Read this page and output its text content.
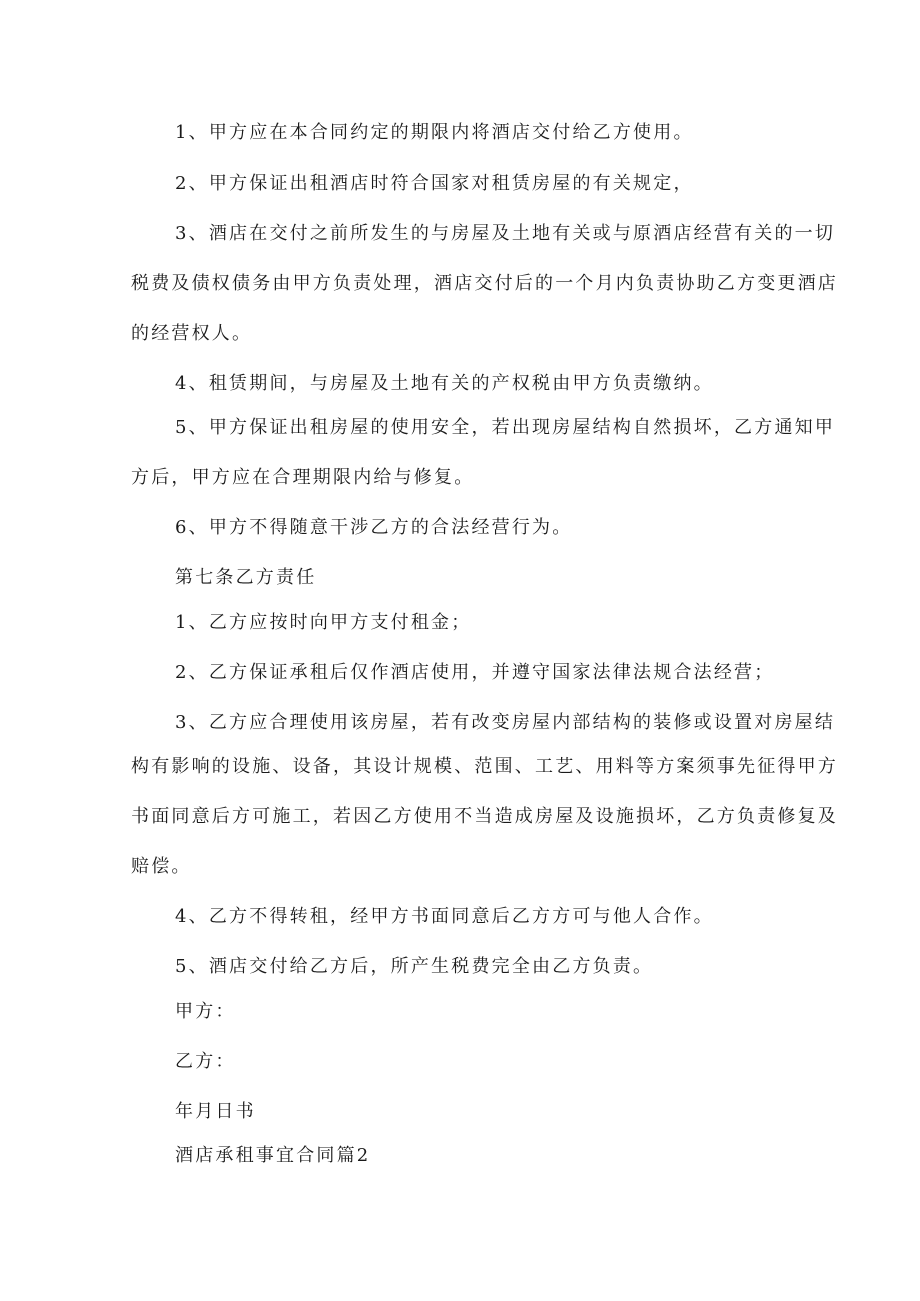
1、甲方应在本合同约定的期限内将酒店交付给乙方使用。
2、甲方保证出租酒店时符合国家对租赁房屋的有关规定，
3、酒店在交付之前所发生的与房屋及土地有关或与原酒店经营有关的一切
税费及债权债务由甲方负责处理，酒店交付后的一个月内负责协助乙方变更酒店
的经营权人。
4、租赁期间，与房屋及土地有关的产权税由甲方负责缴纳。
5、甲方保证出租房屋的使用安全，若出现房屋结构自然损坏，乙方通知甲
方后，甲方应在合理期限内给与修复。
6、甲方不得随意干涉乙方的合法经营行为。
第七条乙方责任
1、乙方应按时向甲方支付租金；
2、乙方保证承租后仅作酒店使用，并遵守国家法律法规合法经营；
3、乙方应合理使用该房屋，若有改变房屋内部结构的装修或设置对房屋结
构有影响的设施、设备，其设计规模、范围、工艺、用料等方案须事先征得甲方
书面同意后方可施工，若因乙方使用不当造成房屋及设施损坏，乙方负责修复及
赔偿。
4、乙方不得转租，经甲方书面同意后乙方方可与他人合作。
5、酒店交付给乙方后，所产生税费完全由乙方负责。
甲方：
乙方：
年月日书
酒店承租事宜合同篇2
